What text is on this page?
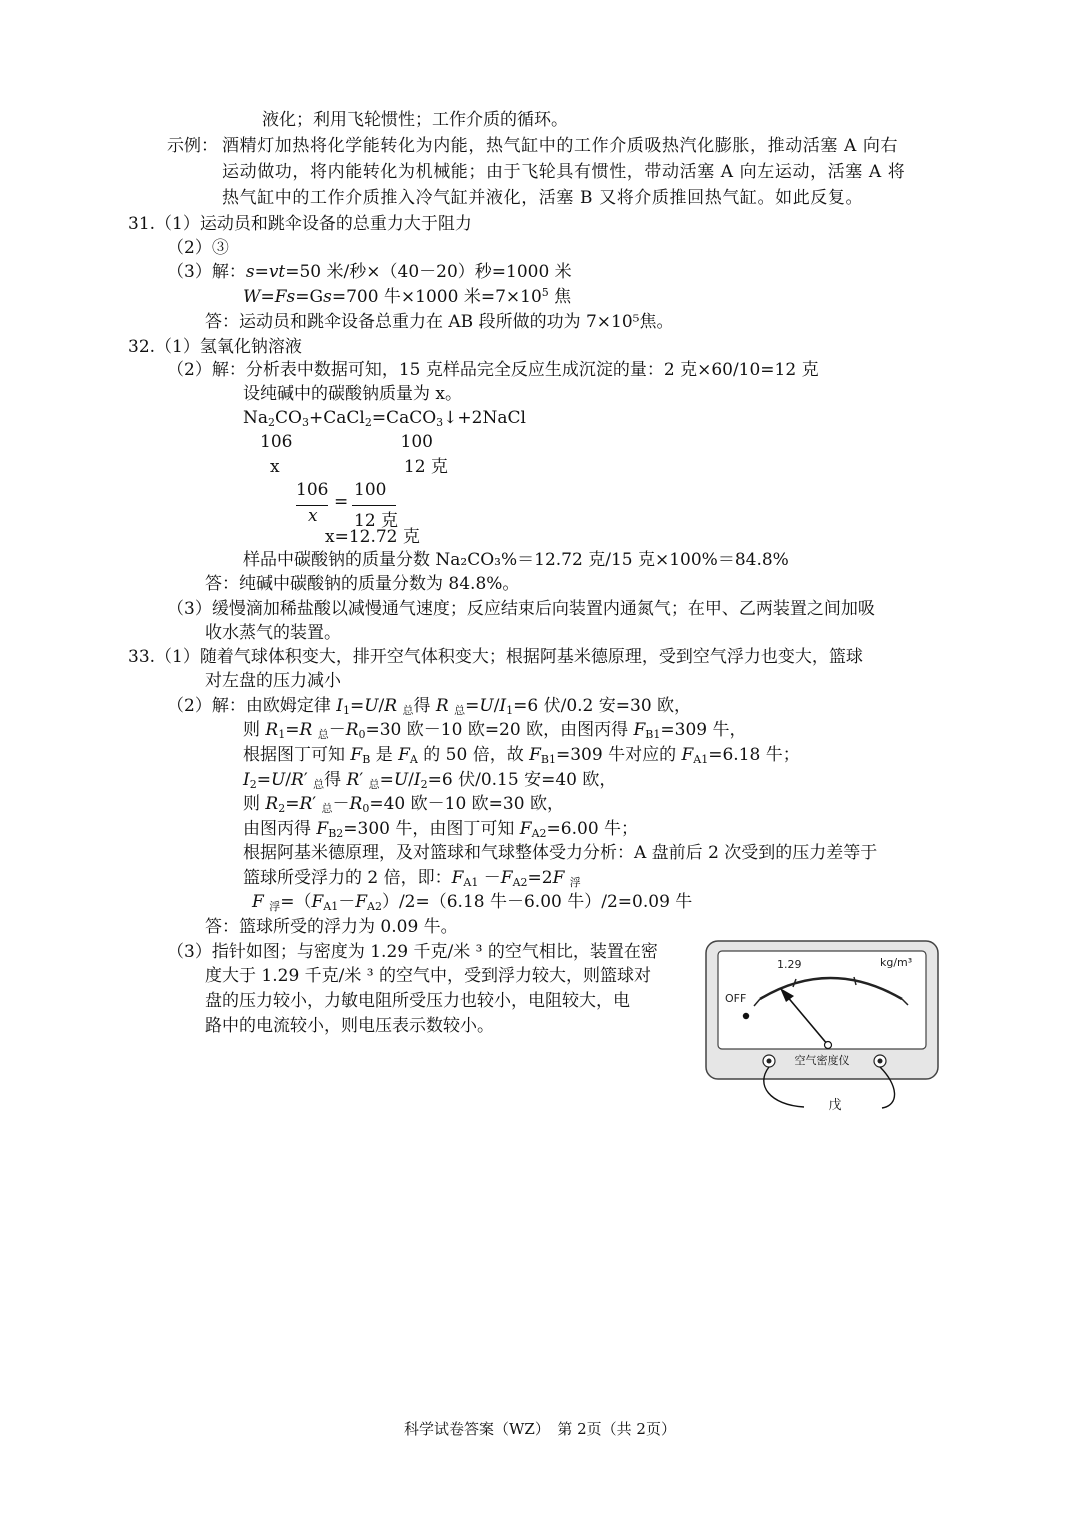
液化；利用飞轮惯性；工作介质的循环。
示例： 酒精灯加热将化学能转化为内能，热气缸中的工作介质吸热汽化膨胀，推动活塞 A 向右
运动做功，将内能转化为机械能；由于飞轮具有惯性，带动活塞 A 向左运动，活塞 A 将
热气缸中的工作介质推入冷气缸并液化，活塞 B 又将介质推回热气缸。如此反复。
31.（1）运动员和跳伞设备的总重力大于阻力
（2）③
（3）解：s=vt=50 米/秒×（40－20）秒=1000 米
W=Fs=Gs=700 牛×1000 米$=7\times 10^5$ 焦
答：运动员和跳伞设备总重力在 AB 段所做的功为 7×10⁵焦。
32.（1）氢氧化钠溶液
（2）解：分析表中数据可知，15 克样品完全反应生成沉淀的量：2 克×60/10=12 克
设纯碱中的碳酸钠质量为 x。
$Na_2CO_3+CaCl_2=CaCO_3↓+2NaCl$
106                    100
x                       12 克
106
x
=
100
12 克
x=12.72 克
样品中碳酸钠的质量分数 Na₂CO₃%＝12.72 克/15 克×100%＝84.8%
答：纯碱中碳酸钠的质量分数为 84.8%。
（3）缓慢滴加稀盐酸以减慢通气速度；反应结束后向装置内通氮气；在甲、乙两装置之间加吸
收水蒸气的装置。
33.（1）随着气球体积变大，排开空气体积变大；根据阿基米德原理，受到空气浮力也变大，篮球
对左盘的压力减小
（2）解：由欧姆定律 $I_1=U/R$ $_总$得 R $_总=U/I_1=6$ 伏/0.2 安=30 欧，
则 $R_1=R$ $_总-R_0=30$ 欧－10 欧=20 欧，由图丙得 $F_{B1}=309$ 牛，
根据图丁可知 $F_B$ 是 $F_A$ 的 50 倍，故 $F_{B1}=309$ 牛对应的 $F_{A1}=6.18$ 牛；
$I_2=U/R'$ $_总$得 R′ $_总=U/I_2=6$ 伏/0.15 安=40 欧，
则 $R_2=R'$ $_总-R_0=40$ 欧－10 欧=30 欧，
由图丙得 $F_{B2}=300$ 牛，由图丁可知 $F_{A2}=6.00$ 牛；
根据阿基米德原理，及对篮球和气球整体受力分析：A 盘前后 2 次受到的压力差等于
篮球所受浮力的 2 倍，即：$F_{A1} -F_{A2}=2F$ $_浮$
F $_浮=(F_{A1}-F_{A2})/2=(6.18$ 牛－6.00 牛）/2=0.09 牛
答：篮球所受的浮力为 0.09 牛。
（3）指针如图；与密度为 1.29 千克/米 ³ 的空气相比，装置在密
度大于 1.29 千克/米 ³ 的空气中，受到浮力较大，则篮球对
盘的压力较小，力敏电阻所受压力也较小，电阻较大，电
路中的电流较小，则电压表示数较小。
1.29	kg/m³
OFF
空气密度仪
戊
科学试卷答案（WZ）　第 2页（共 2页）
